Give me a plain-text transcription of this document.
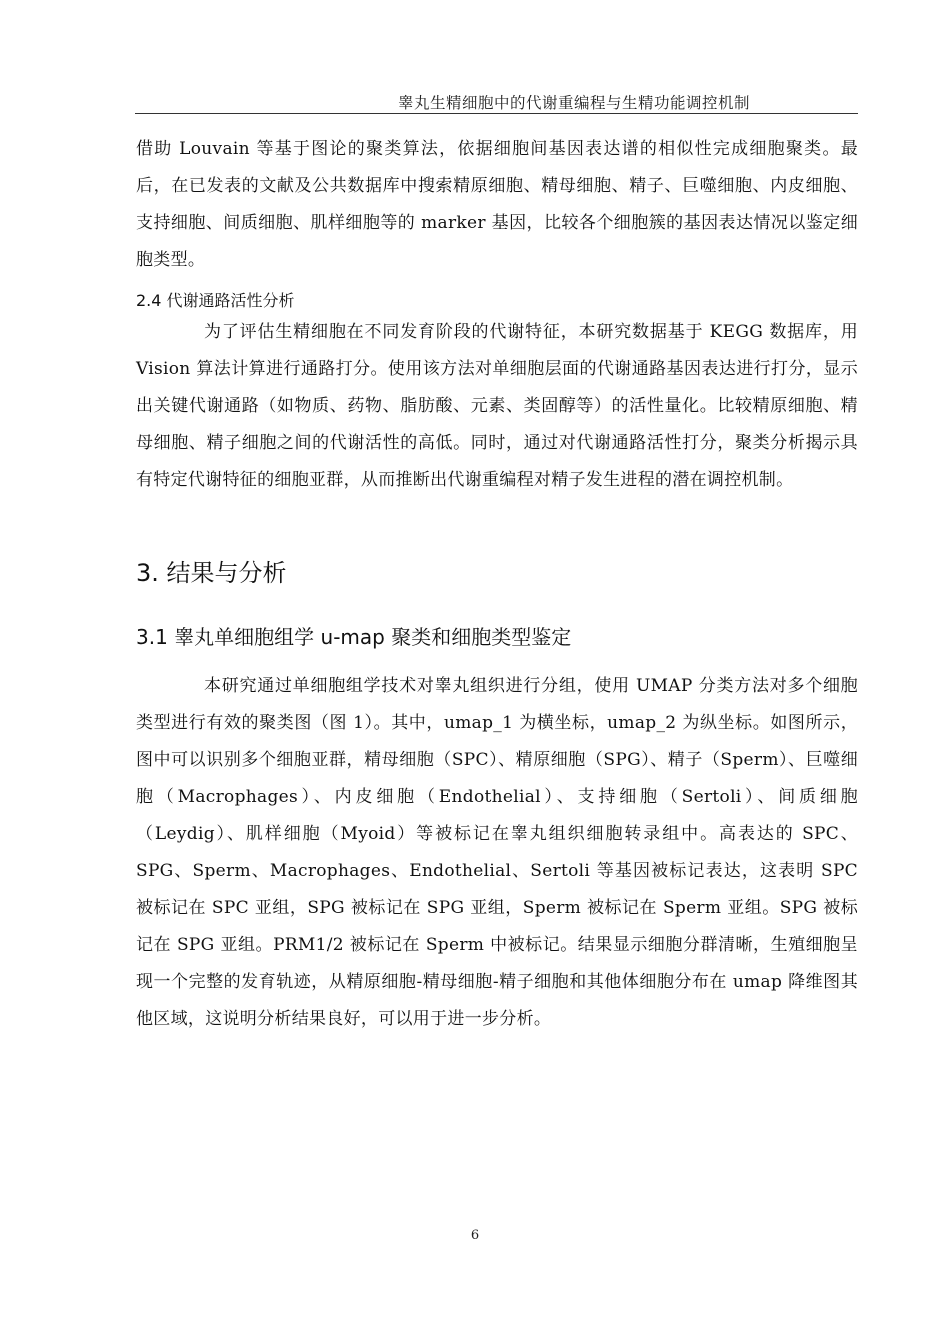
睾丸生精细胞中的代谢重编程与生精功能调控机制

借助 Louvain 等基于图论的聚类算法，依据细胞间基因表达谱的相似性完成细胞聚类。最后，在已发表的文献及公共数据库中搜索精原细胞、精母细胞、精子、巨噬细胞、内皮细胞、支持细胞、间质细胞、肌样细胞等的 marker 基因，比较各个细胞簇的基因表达情况以鉴定细胞类型。

2.4 代谢通路活性分析

为了评估生精细胞在不同发育阶段的代谢特征，本研究数据基于 KEGG 数据库，用 Vision 算法计算进行通路打分。使用该方法对单细胞层面的代谢通路基因表达进行打分，显示出关键代谢通路（如物质、药物、脂肪酸、元素、类固醇等）的活性量化。比较精原细胞、精母细胞、精子细胞之间的代谢活性的高低。同时，通过对代谢通路活性打分，聚类分析揭示具有特定代谢特征的细胞亚群，从而推断出代谢重编程对精子发生进程的潜在调控机制。

3. 结果与分析
3.1 睾丸单细胞组学 u-map 聚类和细胞类型鉴定

本研究通过单细胞组学技术对睾丸组织进行分组，使用 UMAP 分类方法对多个细胞类型进行有效的聚类图（图 1）。其中，umap_1 为横坐标，umap_2 为纵坐标。如图所示，图中可以识别多个细胞亚群，精母细胞（SPC）、精原细胞（SPG）、精子（Sperm）、巨噬细胞（Macrophages）、内皮细胞（Endothelial）、支持细胞（Sertoli）、间质细胞（Leydig）、肌样细胞（Myoid）等被标记在睾丸组织细胞转录组中。高表达的 SPC、SPG、Sperm、Macrophages、Endothelial、Sertoli 等基因被标记表达，这表明 SPC 被标记在 SPC 亚组，SPG 被标记在 SPG 亚组，Sperm 被标记在 Sperm 亚组。SPG 被标记在 SPG 亚组。PRM1/2 被标记在 Sperm 中被标记。结果显示细胞分群清晰，生殖细胞呈现一个完整的发育轨迹，从精原细胞-精母细胞-精子细胞和其他体细胞分布在 umap 降维图其他区域，这说明分析结果良好，可以用于进一步分析。

6
